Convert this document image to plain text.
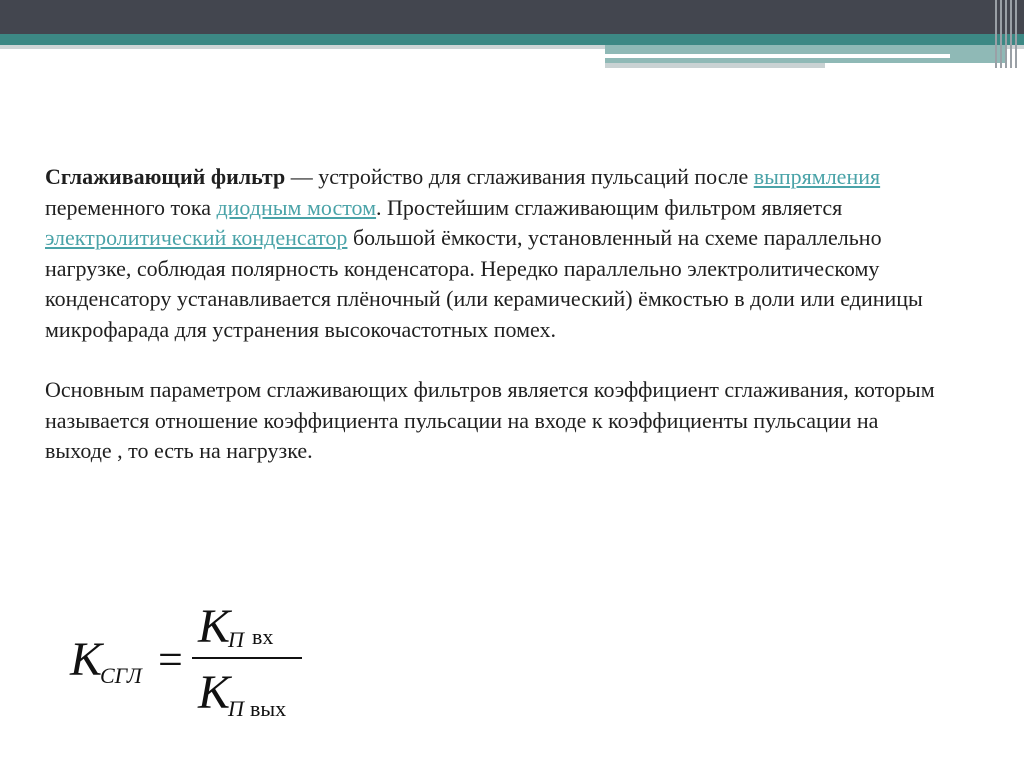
Сглаживающий фильтр — устройство для сглаживания пульсаций после выпрямления переменного тока диодным мостом. Простейшим сглаживающим фильтром является электролитический конденсатор большой ёмкости, установленный на схеме параллельно нагрузке, соблюдая полярность конденсатора. Нередко параллельно электролитическому конденсатору устанавливается плёночный (или керамический) ёмкостью в доли или единицы микрофарада для устранения высокочастотных помех.

Основным параметром сглаживающих фильтров является коэффициент сглаживания, которым называется отношение коэффициента пульсации на входе к коэффициенты пульсации на выходе , то есть на нагрузке.

K
СГЛ =
K
П вх
K
П вых
